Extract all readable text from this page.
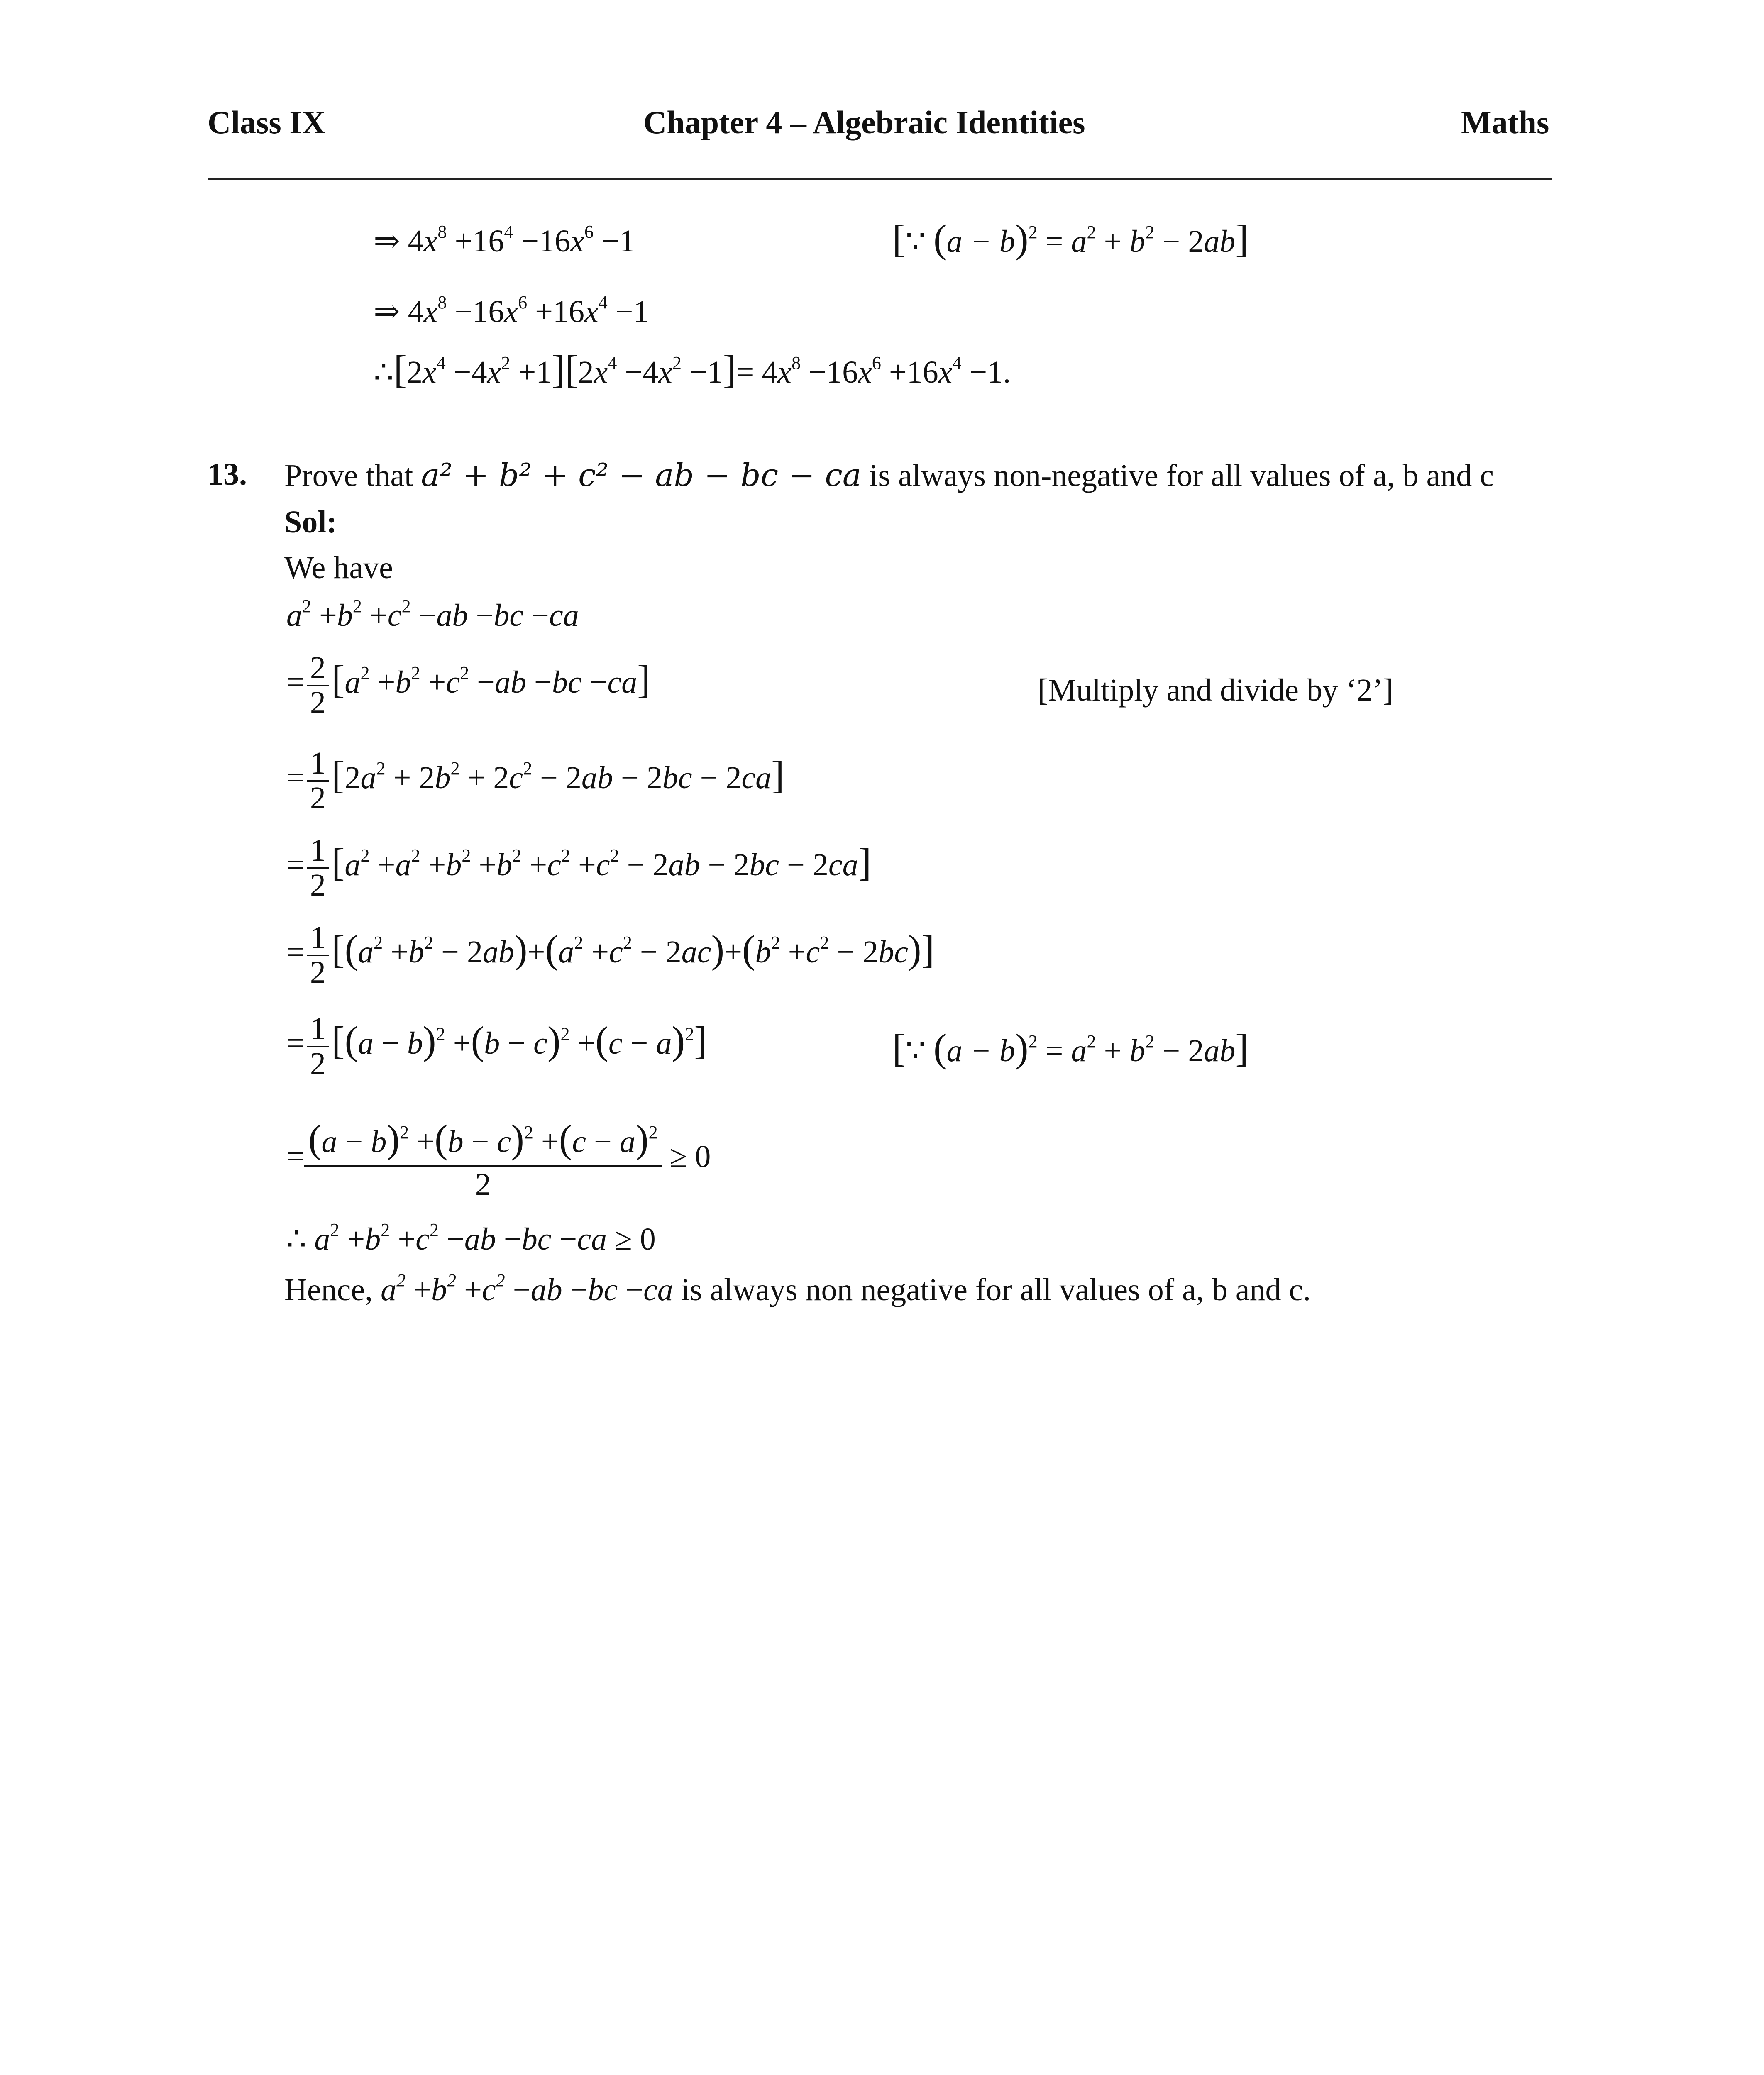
Class IX	Chapter 4 – Algebraic Identities	Maths
⇒ $4x^8 +16^4 -16x^6 -1$	[∵ $(a - b)^2 = a^2 + b^2 - 2ab$]
⇒ $4x^8 -16x^6 +16x^4 -1$
$\therefore[2x^4 -4x^2 +1][2x^4 -4x^2 -1]= 4x^8 -16x^6 +16x^4 -1$.
13. Prove that a² + b² + c² − ab − bc − ca is always non-negative for all values of a, b and c
Sol:
We have
$a^2 +b^2 +c^2 -ab -bc -ca$
= $\frac{2}{2} [a^2 +b^2 +c^2 -ab -bc -ca]$	[Multiply and divide by ‘2’]
= $\frac{1}{2} [2a^2 + 2b^2 + 2c^2 - 2ab - 2bc - 2ca]$
= $\frac{1}{2} [a^2 +a^2 +b^2 +b^2 +c^2 +c^2 - 2ab - 2bc - 2ca]$
= $\frac{1}{2} [(a^2 +b^2 - 2ab)+(a^2 +c^2 - 2ac)+(b^2 +c^2 - 2bc)]$
= $\frac{1}{2} [(a - b)^2 +(b - c)^2 +(c - a)^2]$	[∵ $(a - b)^2 = a^2 + b^2 - 2ab$]
= $\frac{(a - b)^2 +(b - c)^2 +(c - a)^2}{2} \ge 0$
∴ $a^2 +b^2 +c^2 -ab -bc -ca \ge 0$
Hence, $a^2 +b^2 +c^2 -ab -bc -ca$ is always non negative for all values of a, b and c.
